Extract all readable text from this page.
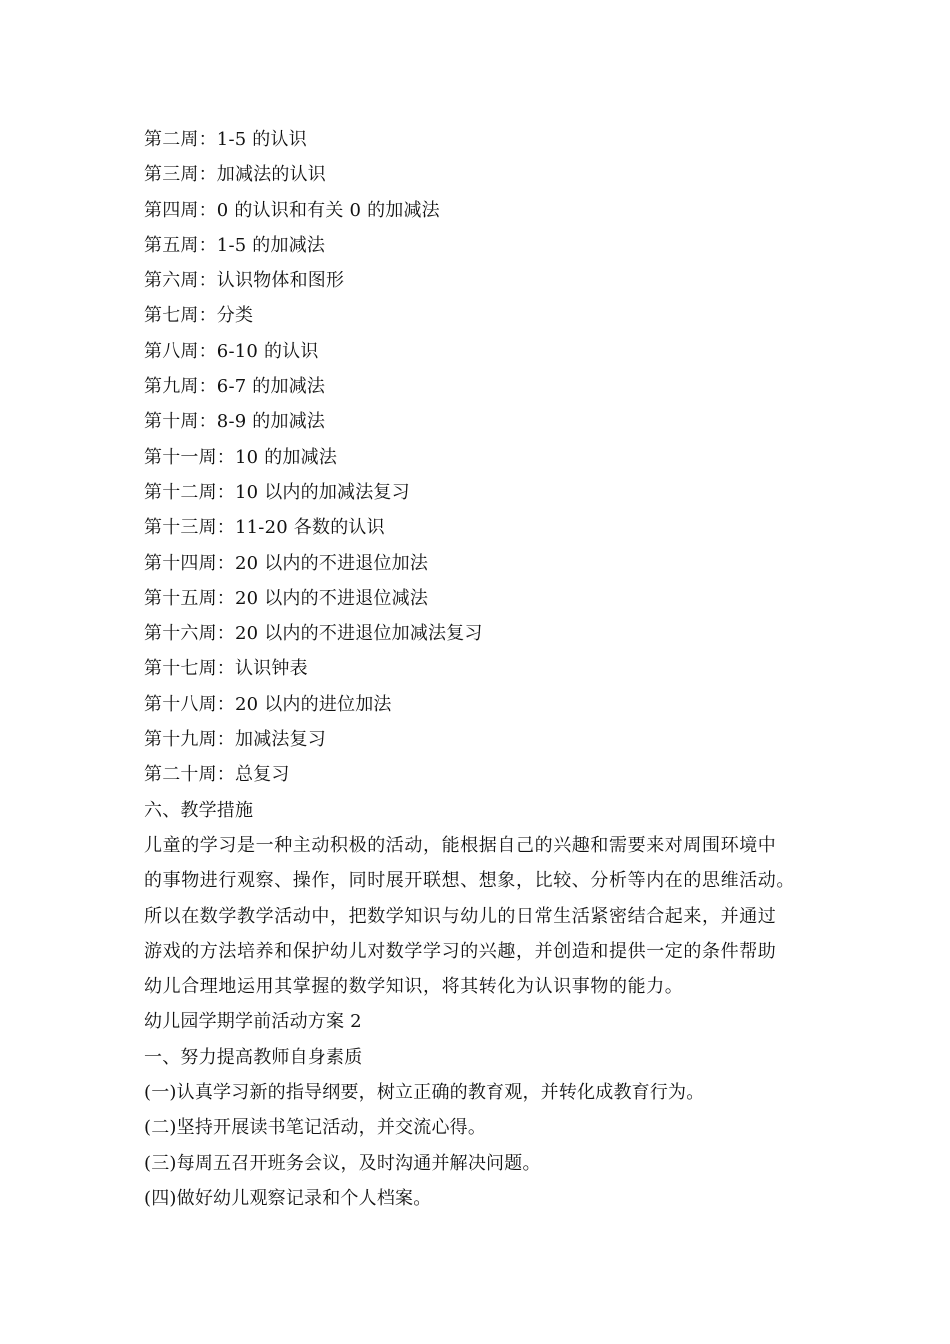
第二周：1-5 的认识
第三周：加减法的认识
第四周：0 的认识和有关 0 的加减法
第五周：1-5 的加减法
第六周：认识物体和图形
第七周：分类
第八周：6-10 的认识
第九周：6-7 的加减法
第十周：8-9 的加减法
第十一周：10 的加减法
第十二周：10 以内的加减法复习
第十三周：11-20 各数的认识
第十四周：20 以内的不进退位加法
第十五周：20 以内的不进退位减法
第十六周：20 以内的不进退位加减法复习
第十七周：认识钟表
第十八周：20 以内的进位加法
第十九周：加减法复习
第二十周：总复习
六、教学措施
儿童的学习是一种主动积极的活动，能根据自己的兴趣和需要来对周围环境中
的事物进行观察、操作，同时展开联想、想象，比较、分析等内在的思维活动。
所以在数学教学活动中，把数学知识与幼儿的日常生活紧密结合起来，并通过
游戏的方法培养和保护幼儿对数学学习的兴趣，并创造和提供一定的条件帮助
幼儿合理地运用其掌握的数学知识，将其转化为认识事物的能力。
幼儿园学期学前活动方案 2
一、努力提高教师自身素质
(一)认真学习新的指导纲要，树立正确的教育观，并转化成教育行为。
(二)坚持开展读书笔记活动，并交流心得。
(三)每周五召开班务会议，及时沟通并解决问题。
(四)做好幼儿观察记录和个人档案。
